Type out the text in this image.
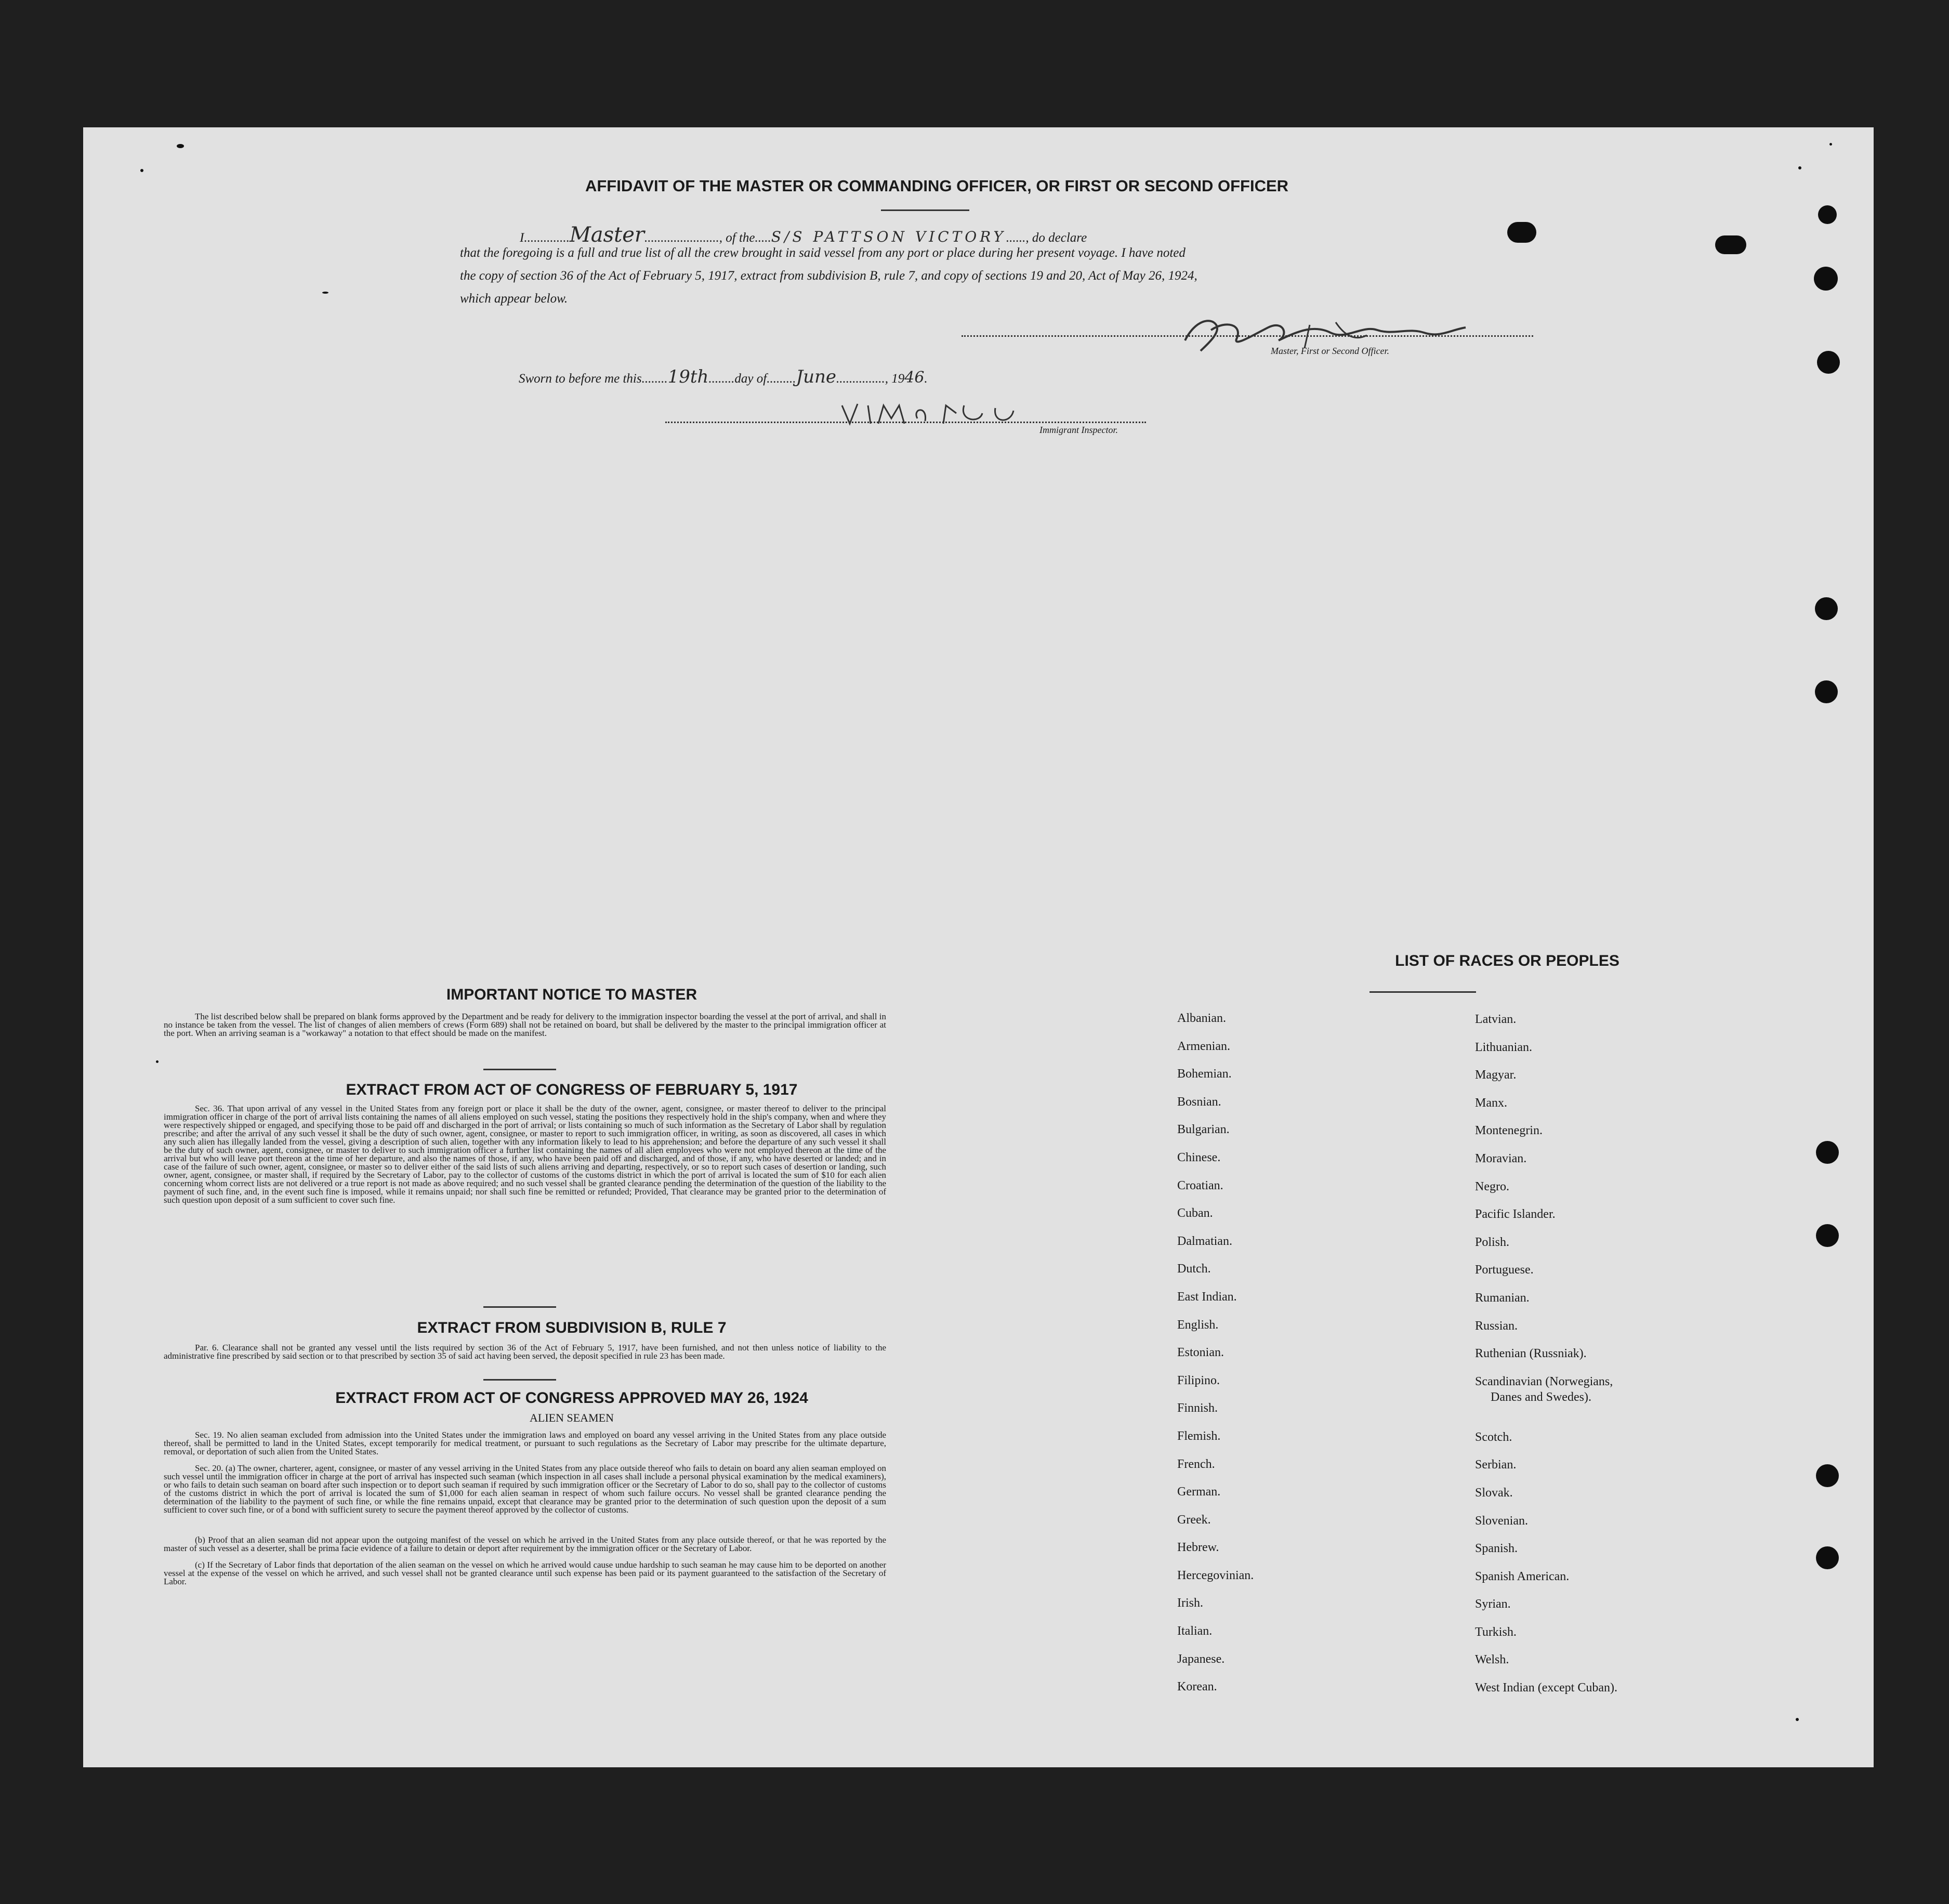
AFFIDAVIT OF THE MASTER OR COMMANDING OFFICER, OR FIRST OR SECOND OFFICER
I..............Master......................., of the.....S/S PATTSON VICTORY......, do declare
that the foregoing is a full and true list of all the crew brought in said vessel from any port or place during her present voyage. I have noted
the copy of section 36 of the Act of February 5, 1917, extract from subdivision B, rule 7, and copy of sections 19 and 20, Act of May 26, 1924,
which appear below.
Master, First or Second Officer.
Sworn to before me this........19th........day of.........June..............., 1946.
Immigrant Inspector.
IMPORTANT NOTICE TO MASTER
The list described below shall be prepared on blank forms approved by the Department and be ready for delivery to the immigration inspector boarding the vessel at the port of arrival, and shall in no instance be taken from the vessel. The list of changes of alien members of crews (Form 689) shall not be retained on board, but shall be delivered by the master to the principal immigration officer at the port. When an arriving seaman is a "workaway" a notation to that effect should be made on the manifest.
EXTRACT FROM ACT OF CONGRESS OF FEBRUARY 5, 1917
Sec. 36. That upon arrival of any vessel in the United States from any foreign port or place it shall be the duty of the owner, agent, consignee, or master thereof to deliver to the principal immigration officer in charge of the port of arrival lists containing the names of all aliens employed on such vessel, stating the positions they respectively hold in the ship's company, when and where they were respectively shipped or engaged, and specifying those to be paid off and discharged in the port of arrival; or lists containing so much of such information as the Secretary of Labor shall by regulation prescribe; and after the arrival of any such vessel it shall be the duty of such owner, agent, consignee, or master to report to such immigration officer, in writing, as soon as discovered, all cases in which any such alien has illegally landed from the vessel, giving a description of such alien, together with any information likely to lead to his apprehension; and before the departure of any such vessel it shall be the duty of such owner, agent, consignee, or master to deliver to such immigration officer a further list containing the names of all alien employees who were not employed thereon at the time of the arrival but who will leave port thereon at the time of her departure, and also the names of those, if any, who have been paid off and discharged, and of those, if any, who have deserted or landed; and in case of the failure of such owner, agent, consignee, or master so to deliver either of the said lists of such aliens arriving and departing, respectively, or so to report such cases of desertion or landing, such owner, agent, consignee, or master shall, if required by the Secretary of Labor, pay to the collector of customs of the customs district in which the port of arrival is located the sum of $10 for each alien concerning whom correct lists are not delivered or a true report is not made as above required; and no such vessel shall be granted clearance pending the determination of the question of the liability to the payment of such fine, and, in the event such fine is imposed, while it remains unpaid; nor shall such fine be remitted or refunded; Provided, That clearance may be granted prior to the determination of such question upon deposit of a sum sufficient to cover such fine.
EXTRACT FROM SUBDIVISION B, RULE 7
Par. 6. Clearance shall not be granted any vessel until the lists required by section 36 of the Act of February 5, 1917, have been furnished, and not then unless notice of liability to the administrative fine prescribed by said section or to that prescribed by section 35 of said act having been served, the deposit specified in rule 23 has been made.
EXTRACT FROM ACT OF CONGRESS APPROVED MAY 26, 1924
ALIEN SEAMEN
Sec. 19. No alien seaman excluded from admission into the United States under the immigration laws and employed on board any vessel arriving in the United States from any place outside thereof, shall be permitted to land in the United States, except temporarily for medical treatment, or pursuant to such regulations as the Secretary of Labor may prescribe for the ultimate departure, removal, or deportation of such alien from the United States.
Sec. 20. (a) The owner, charterer, agent, consignee, or master of any vessel arriving in the United States from any place outside thereof who fails to detain on board any alien seaman employed on such vessel until the immigration officer in charge at the port of arrival has inspected such seaman (which inspection in all cases shall include a personal physical examination by the medical examiners), or who fails to detain such seaman on board after such inspection or to deport such seaman if required by such immigration officer or the Secretary of Labor to do so, shall pay to the collector of customs of the customs district in which the port of arrival is located the sum of $1,000 for each alien seaman in respect of whom such failure occurs. No vessel shall be granted clearance pending the determination of the liability to the payment of such fine, or while the fine remains unpaid, except that clearance may be granted prior to the determination of such question upon the deposit of a sum sufficient to cover such fine, or of a bond with sufficient surety to secure the payment thereof approved by the collector of customs.
(b) Proof that an alien seaman did not appear upon the outgoing manifest of the vessel on which he arrived in the United States from any place outside thereof, or that he was reported by the master of such vessel as a deserter, shall be prima facie evidence of a failure to detain or deport after requirement by the immigration officer or the Secretary of Labor.
(c) If the Secretary of Labor finds that deportation of the alien seaman on the vessel on which he arrived would cause undue hardship to such seaman he may cause him to be deported on another vessel at the expense of the vessel on which he arrived, and such vessel shall not be granted clearance until such expense has been paid or its payment guaranteed to the satisfaction of the Secretary of Labor.
LIST OF RACES OR PEOPLES
Albanian.
Armenian.
Bohemian.
Bosnian.
Bulgarian.
Chinese.
Croatian.
Cuban.
Dalmatian.
Dutch.
East Indian.
English.
Estonian.
Filipino.
Finnish.
Flemish.
French.
German.
Greek.
Hebrew.
Hercegovinian.
Irish.
Italian.
Japanese.
Korean.
Latvian.
Lithuanian.
Magyar.
Manx.
Montenegrin.
Moravian.
Negro.
Pacific Islander.
Polish.
Portuguese.
Rumanian.
Russian.
Ruthenian (Russniak).
Scandinavian (Norwegians,
Danes and Swedes).
Scotch.
Serbian.
Slovak.
Slovenian.
Spanish.
Spanish American.
Syrian.
Turkish.
Welsh.
West Indian (except Cuban).
